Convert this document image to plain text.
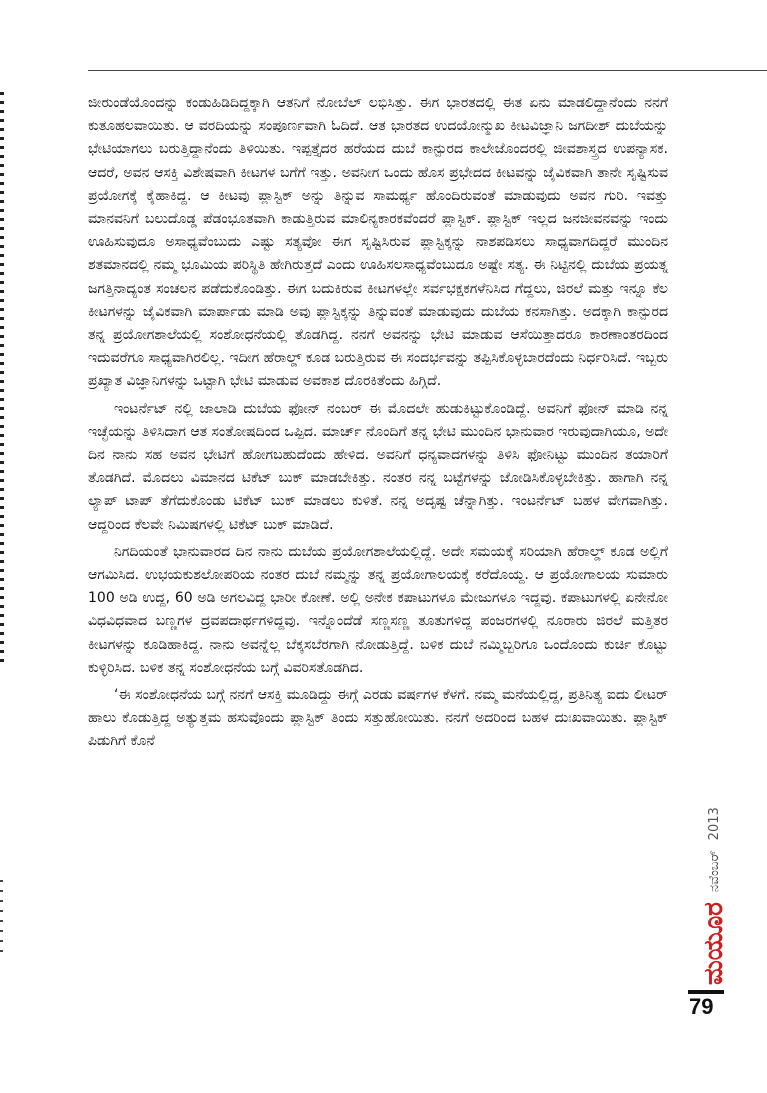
ಜೀರುಂಡೆಯೊಂದನ್ನು ಕಂಡುಹಿಡಿದಿದ್ದಕ್ಕಾಗಿ ಆತನಿಗೆ ನೋಬೆಲ್ ಲಭಿಸಿತ್ತು. ಈಗ ಭಾರತದಲ್ಲಿ ಈತ ಏನು ಮಾಡಲಿದ್ದಾನೆಂದು ನನಗೆ ಕುತೂಹಲವಾಯಿತು. ಆ ವರದಿಯನ್ನು ಸಂಪೂರ್ಣವಾಗಿ ಓದಿದೆ. ಆತ ಭಾರತದ ಉದಯೋನ್ಮುಖ ಕೀಟವಿಜ್ಞಾನಿ ಜಗದೀಶ್ ದುಬೆಯನ್ನು ಭೇಟಿಯಾಗಲು ಬರುತ್ತಿದ್ದಾನೆಂದು ತಿಳಿಯಿತು. ಇಪ್ಪತ್ತೈದರ ಹರೆಯದ ದುಬೆ ಕಾನ್ಪುರದ ಕಾಲೇಜೊಂದರಲ್ಲಿ ಜೀವಶಾಸ್ತ್ರದ ಉಪನ್ಯಾಸಕ. ಆದರೆ, ಅವನ ಆಸಕ್ತಿ ವಿಶೇಷವಾಗಿ ಕೀಟಗಳ ಬಗೆಗೆ ಇತ್ತು. ಅವನೀಗ ಒಂದು ಹೊಸ ಪ್ರಭೇದದ ಕೀಟವನ್ನು ಜೈವಿಕವಾಗಿ ತಾನೇ ಸೃಷ್ಟಿಸುವ ಪ್ರಯೋಗಕ್ಕೆ ಕೈಹಾಕಿದ್ದ. ಆ ಕೀಟವು ಪ್ಲಾಸ್ಟಿಕ್ ಅನ್ನು ತಿನ್ನುವ ಸಾಮರ್ಥ್ಯ ಹೊಂದಿರುವಂತೆ ಮಾಡುವುದು ಅವನ ಗುರಿ. ಇವತ್ತು ಮಾನವನಿಗೆ ಬಲುದೊಡ್ಡ ಪೆಡಂಭೂತವಾಗಿ ಕಾಡುತ್ತಿರುವ ಮಾಲಿನ್ಯಕಾರಕವೆಂದರೆ ಪ್ಲಾಸ್ಟಿಕ್. ಪ್ಲಾಸ್ಟಿಕ್ ಇಲ್ಲದ ಜನಜೀವನವನ್ನು ಇಂದು ಊಹಿಸುವುದೂ ಅಸಾಧ್ಯವೆಂಬುದು ಎಷ್ಟು ಸತ್ಯವೋ ಈಗ ಸೃಷ್ಟಿಸಿರುವ ಪ್ಲಾಸ್ಟಿಕ್ಕನ್ನು ನಾಶಪಡಿಸಲು ಸಾಧ್ಯವಾಗದಿದ್ದರೆ ಮುಂದಿನ ಶತಮಾನದಲ್ಲಿ ನಮ್ಮ ಭೂಮಿಯ ಪರಿಸ್ಥಿತಿ ಹೇಗಿರುತ್ತದೆ ಎಂದು ಊಹಿಸಲಸಾಧ್ಯವೆಂಬುದೂ ಅಷ್ಟೇ ಸತ್ಯ. ಈ ನಿಟ್ಟಿನಲ್ಲಿ ದುಬೆಯ ಪ್ರಯತ್ನ ಜಗತ್ತಿನಾದ್ಯಂತ ಸಂಚಲನ ಪಡೆದುಕೊಂಡಿತ್ತು. ಈಗ ಬದುಕಿರುವ ಕೀಟಗಳಲ್ಲೇ ಸರ್ವಭಕ್ಷಕಗಳೆನಿಸಿದ ಗೆದ್ದಲು, ಜಿರಲೆ ಮತ್ತು ಇನ್ನೂ ಕೆಲ ಕೀಟಗಳನ್ನು ಜೈವಿಕವಾಗಿ ಮಾರ್ಪಾಡು ಮಾಡಿ ಅವು ಪ್ಲಾಸ್ಟಿಕ್ಕನ್ನು ತಿನ್ನುವಂತೆ ಮಾಡುವುದು ದುಬೆಯ ಕನಸಾಗಿತ್ತು. ಅದಕ್ಕಾಗಿ ಕಾನ್ಪುರದ ತನ್ನ ಪ್ರಯೋಗಶಾಲೆಯಲ್ಲಿ ಸಂಶೋಧನೆಯಲ್ಲಿ ತೊಡಗಿದ್ದ. ನನಗೆ ಅವನನ್ನು ಭೇಟಿ ಮಾಡುವ ಆಸೆಯಿತ್ತಾದರೂ ಕಾರಣಾಂತರದಿಂದ ಇದುವರೆಗೂ ಸಾಧ್ಯವಾಗಿರಲಿಲ್ಲ. ಇದೀಗ ಹೆರಾಲ್ಡ್ ಕೂಡ ಬರುತ್ತಿರುವ ಈ ಸಂದರ್ಭವನ್ನು ತಪ್ಪಿಸಿಕೊಳ್ಳಬಾರದೆಂದು ನಿರ್ಧರಿಸಿದೆ. ಇಬ್ಬರು ಪ್ರಖ್ಯಾತ ವಿಜ್ಞಾನಿಗಳನ್ನು ಒಟ್ಟಾಗಿ ಭೇಟಿ ಮಾಡುವ ಅವಕಾಶ ದೊರಕಿತೆಂದು ಹಿಗ್ಗಿದೆ.

ಇಂಟರ್ನೆಟ್ ನಲ್ಲಿ ಜಾಲಾಡಿ ದುಬೆಯ ಫೋನ್ ನಂಬರ್ ಈ ಮೊದಲೇ ಹುಡುಕಿಟ್ಟುಕೊಂಡಿದ್ದೆ. ಅವನಿಗೆ ಫೋನ್ ಮಾಡಿ ನನ್ನ ಇಚ್ಛೆಯನ್ನು ತಿಳಿಸಿದಾಗ ಆತ ಸಂತೋಷದಿಂದ ಒಪ್ಪಿದ. ಮಾರ್ಚ್ ನೊಂದಿಗೆ ತನ್ನ ಭೇಟಿ ಮುಂದಿನ ಭಾನುವಾರ ಇರುವುದಾಗಿಯೂ, ಅದೇ ದಿನ ನಾನು ಸಹ ಅವನ ಭೇಟಿಗೆ ಹೋಗಬಹುದೆಂದು ಹೇಳಿದ. ಅವನಿಗೆ ಧನ್ಯವಾದಗಳನ್ನು ತಿಳಿಸಿ ಫೋನಿಟ್ಟು ಮುಂದಿನ ತಯಾರಿಗೆ ತೊಡಗಿದೆ. ಮೊದಲು ವಿಮಾನದ ಟಿಕೆಟ್ ಬುಕ್ ಮಾಡಬೇಕಿತ್ತು. ನಂತರ ನನ್ನ ಬಟ್ಟೆಗಳನ್ನು ಜೋಡಿಸಿಕೊಳ್ಳಬೇಕಿತ್ತು. ಹಾಗಾಗಿ ನನ್ನ ಲ್ಯಾಪ್ ಟಾಪ್ ತೆಗೆದುಕೊಂಡು ಟಿಕೆಟ್ ಬುಕ್ ಮಾಡಲು ಕುಳಿತೆ. ನನ್ನ ಅದೃಷ್ಟ ಚೆನ್ನಾಗಿತ್ತು. ಇಂಟರ್ನೆಟ್ ಬಹಳ ವೇಗವಾಗಿತ್ತು. ಆದ್ದರಿಂದ ಕೆಲವೇ ನಿಮಿಷಗಳಲ್ಲಿ ಟಿಕೆಟ್ ಬುಕ್ ಮಾಡಿದೆ.

ನಿಗದಿಯಂತೆ ಭಾನುವಾರದ ದಿನ ನಾನು ದುಬೆಯ ಪ್ರಯೋಗಶಾಲೆಯಲ್ಲಿದ್ದೆ. ಅದೇ ಸಮಯಕ್ಕೆ ಸರಿಯಾಗಿ ಹೆರಾಲ್ಡ್ ಕೂಡ ಅಲ್ಲಿಗೆ ಆಗಮಿಸಿದ. ಉಭಯಕುಶಲೋಪರಿಯ ನಂತರ ದುಬೆ ನಮ್ಮನ್ನು ತನ್ನ ಪ್ರಯೋಗಾಲಯಕ್ಕೆ ಕರೆದೊಯ್ದ. ಆ ಪ್ರಯೋಗಾಲಯ ಸುಮಾರು 100 ಅಡಿ ಉದ್ದ, 60 ಅಡಿ ಅಗಲವಿದ್ದ ಭಾರೀ ಕೋಣೆ. ಅಲ್ಲಿ ಅನೇಕ ಕಪಾಟುಗಳೂ ಮೇಜುಗಳೂ ಇದ್ದವು. ಕಪಾಟುಗಳಲ್ಲಿ ಏನೇನೋ ವಿಧವಿಧವಾದ ಬಣ್ಣಗಳ ದ್ರವಪದಾರ್ಥಗಳಿದ್ದವು. ಇನ್ನೊಂದೆಡೆ ಸಣ್ಣಸಣ್ಣ ತೂತುಗಳಿದ್ದ ಪಂಜರಗಳಲ್ಲಿ ನೂರಾರು ಜಿರಲೆ ಮತ್ತಿತರ ಕೀಟಗಳನ್ನು ಕೂಡಿಹಾಕಿದ್ದ. ನಾನು ಅವನ್ನೆಲ್ಲ ಬೆಕ್ಕಸಬೆರಗಾಗಿ ನೋಡುತ್ತಿದ್ದೆ. ಬಳಿಕ ದುಬೆ ನಮ್ಮಿಬ್ಬರಿಗೂ ಒಂದೊಂದು ಕುರ್ಚಿ ಕೊಟ್ಟು ಕುಳ್ಳಿರಿಸಿದ. ಬಳಿಕ ತನ್ನ ಸಂಶೋಧನೆಯ ಬಗ್ಗೆ ವಿವರಿಸತೊಡಗಿದ.

‘ಈ ಸಂಶೋಧನೆಯ ಬಗ್ಗೆ ನನಗೆ ಆಸಕ್ತಿ ಮೂಡಿದ್ದು ಈಗ್ಗೆ ಎರಡು ವರ್ಷಗಳ ಕೆಳಗೆ. ನಮ್ಮ ಮನೆಯಲ್ಲಿದ್ದ, ಪ್ರತಿನಿತ್ಯ ಐದು ಲೀಟರ್ ಹಾಲು ಕೊಡುತ್ತಿದ್ದ ಅತ್ಯುತ್ತಮ ಹಸುವೊಂದು ಪ್ಲಾಸ್ಟಿಕ್ ತಿಂದು ಸತ್ತುಹೋಯಿತು. ನನಗೆ ಅದರಿಂದ ಬಹಳ ದುಃಖವಾಯಿತು. ಪ್ಲಾಸ್ಟಿಕ್ ಪಿಡುಗಿಗೆ ಕೊನೆ

ಮಯೂರ
ನವೆಂಬರ್
2013
79
